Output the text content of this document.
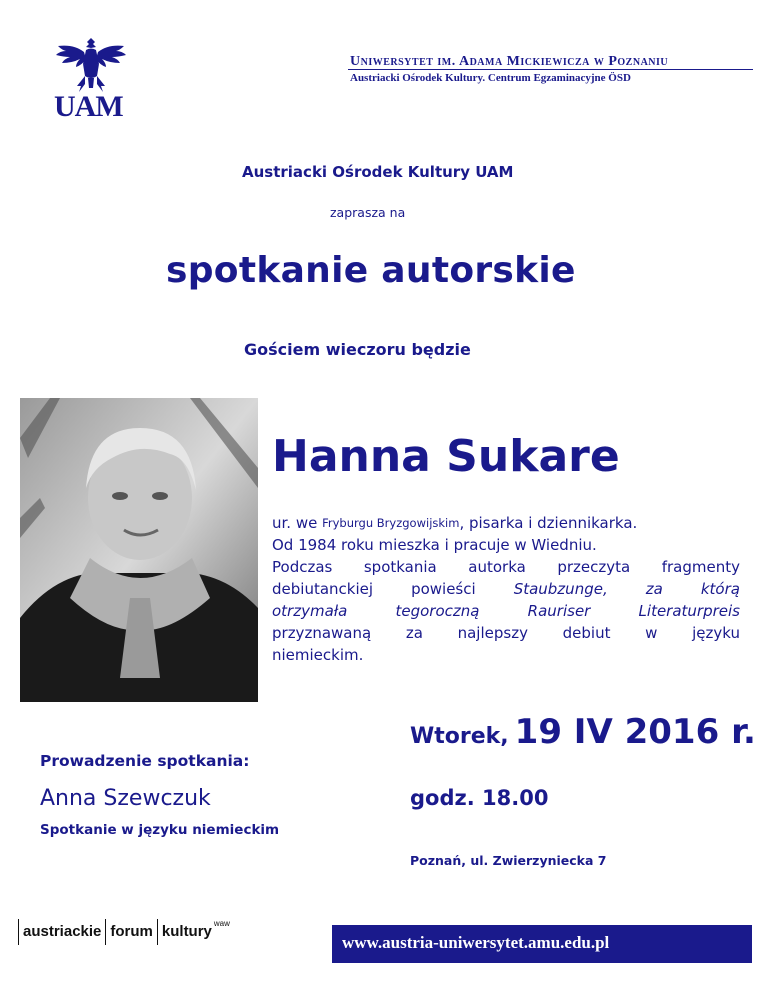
UAM
Uniwersytet im. Adama Mickiewicza w Poznaniu
Austriacki Ośrodek Kultury. Centrum Egzaminacyjne ÖSD
Austriacki Ośrodek Kultury UAM
zaprasza na
spotkanie autorskie
Gościem wieczoru będzie
Hanna Sukare
ur. we
Fryburgu Bryzgowijskim , pisarka i dziennikarka.
Od 1984 roku mieszka i pracuje w Wiedniu.
Podczas spotkania autorka przeczyta fragmenty
debiutanckiej	powieści	Staubzunge,	za	którą
otrzymała	tegoroczną	Rauriser	Literaturpreis
przyznawaną za najlepszy debiut w języku
niemieckim.
Wtorek, 19 IV 2016 r.
godz. 18.00
Poznań, ul. Zwierzyniecka 7
Prowadzenie spotkania:
Anna Szewczuk
Spotkanie w języku niemieckim
austriackie forum kultury waw
www.austria-uniwersytet.amu.edu.pl
